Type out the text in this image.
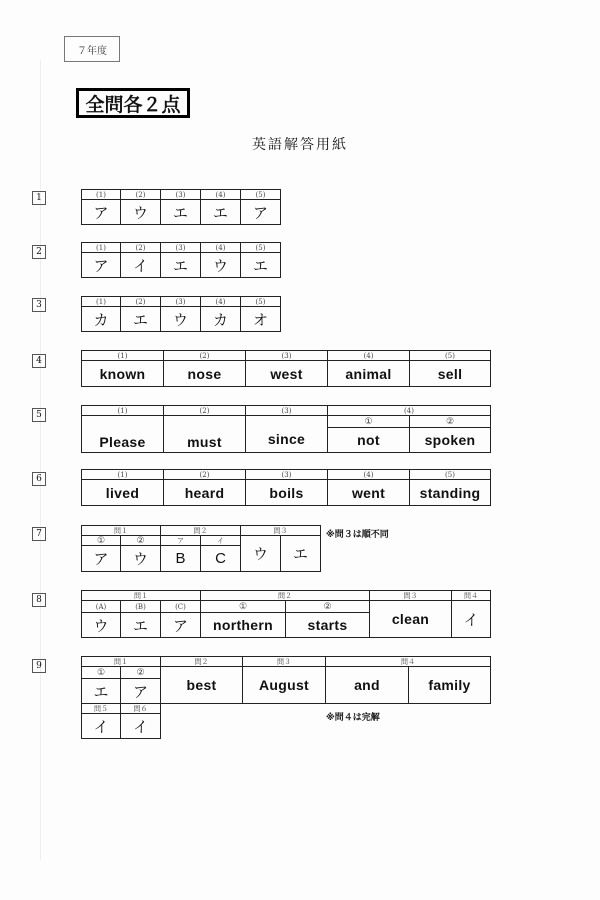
７年度
全問各２点
英語解答用紙
1
2
3
4
5
6
7
8
9
(1)	(2)	(3)	(4)	(5)
ア	ウ	エ	エ	ア
(1)	(2)	(3)	(4)	(5)
ア	イ	エ	ウ	エ
(1)	(2)	(3)	(4)	(5)
カ	エ	ウ	カ	オ
(1)	(2)	(3)	(4)	(5)
known	nose	west	animal	sell
(1)	(2)	(3)	(4)
①	②
Please	must	since	not	spoken
(1)	(2)	(3)	(4)	(5)
lived	heard	boils	went	standing
問１	問２	問３
①	②	ア	イ
ア	ウ	B	C	ウ	エ
※問３は順不同
問１	問２	問３	問４
(A)	(B)	(C)	①	②
ウ	エ	ア	northern	starts	clean	イ
問１	問２	問３	問４
①	②
エ	ア	best	August	and	family
問５	問６
イ	イ	※問４は完解
